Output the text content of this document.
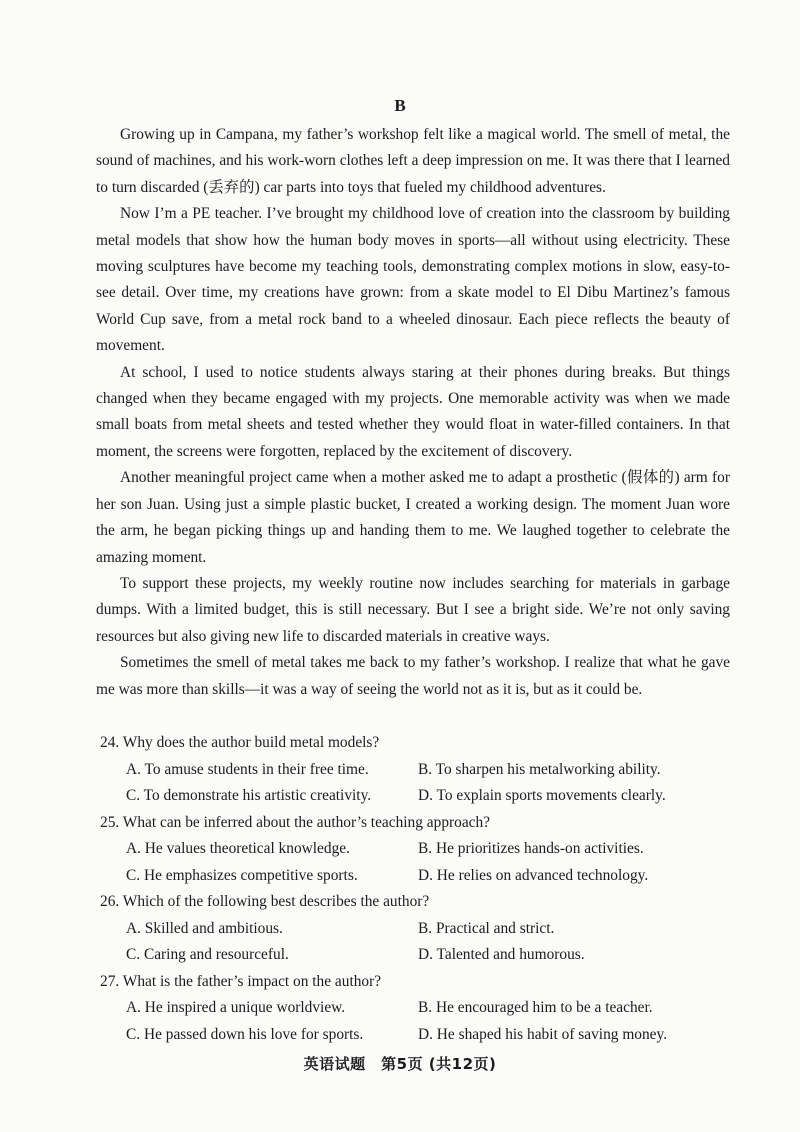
B

Growing up in Campana, my father’s workshop felt like a magical world. The smell of metal, the sound of machines, and his work-worn clothes left a deep impression on me. It was there that I learned to turn discarded (丢弃的) car parts into toys that fueled my childhood adventures.

Now I’m a PE teacher. I’ve brought my childhood love of creation into the classroom by building metal models that show how the human body moves in sports—all without using electricity. These moving sculptures have become my teaching tools, demonstrating complex motions in slow, easy-to-see detail. Over time, my creations have grown: from a skate model to El Dibu Martinez’s famous World Cup save, from a metal rock band to a wheeled dinosaur. Each piece reflects the beauty of movement.

At school, I used to notice students always staring at their phones during breaks. But things changed when they became engaged with my projects. One memorable activity was when we made small boats from metal sheets and tested whether they would float in water-filled containers. In that moment, the screens were forgotten, replaced by the excitement of discovery.

Another meaningful project came when a mother asked me to adapt a prosthetic (假体的) arm for her son Juan. Using just a simple plastic bucket, I created a working design. The moment Juan wore the arm, he began picking things up and handing them to me. We laughed together to celebrate the amazing moment.

To support these projects, my weekly routine now includes searching for materials in garbage dumps. With a limited budget, this is still necessary. But I see a bright side. We’re not only saving resources but also giving new life to discarded materials in creative ways.

Sometimes the smell of metal takes me back to my father’s workshop. I realize that what he gave me was more than skills—it was a way of seeing the world not as it is, but as it could be.

24. Why does the author build metal models?
A. To amuse students in their free time.	B. To sharpen his metalworking ability.
C. To demonstrate his artistic creativity.	D. To explain sports movements clearly.
25. What can be inferred about the author’s teaching approach?
A. He values theoretical knowledge.	B. He prioritizes hands-on activities.
C. He emphasizes competitive sports.	D. He relies on advanced technology.
26. Which of the following best describes the author?
A. Skilled and ambitious.	B. Practical and strict.
C. Caring and resourceful.	D. Talented and humorous.
27. What is the father’s impact on the author?
A. He inspired a unique worldview.	B. He encouraged him to be a teacher.
C. He passed down his love for sports.	D. He shaped his habit of saving money.
英语试题　第5页 (共12页)
